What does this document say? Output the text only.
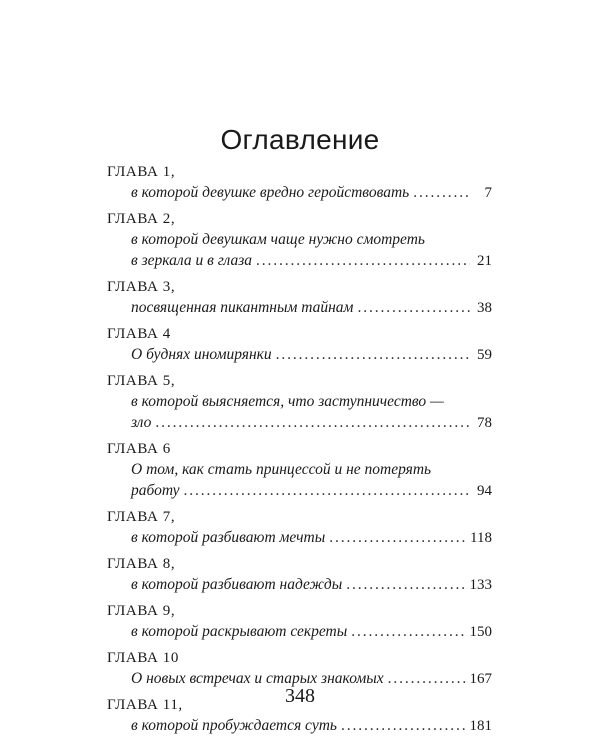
Оглавление
ГЛАВА 1,
в которой девушке вредно геройствовать . . .	7
ГЛАВА 2,
в которой девушкам чаще нужно смотреть
в зеркала и в глаза . . .	21
ГЛАВА 3,
посвященная пикантным тайнам . . .	38
ГЛАВА 4
О буднях иномирянки . . .	59
ГЛАВА 5,
в которой выясняется, что заступничество —
зло . . .	78
ГЛАВА 6
О том, как стать принцессой и не потерять
работу . . .	94
ГЛАВА 7,
в которой разбивают мечты . . .	118
ГЛАВА 8,
в которой разбивают надежды . . .	133
ГЛАВА 9,
в которой раскрывают секреты . . .	150
ГЛАВА 10
О новых встречах и старых знакомых . . .	167
ГЛАВА 11,
в которой пробуждается суть . . .	181
348
